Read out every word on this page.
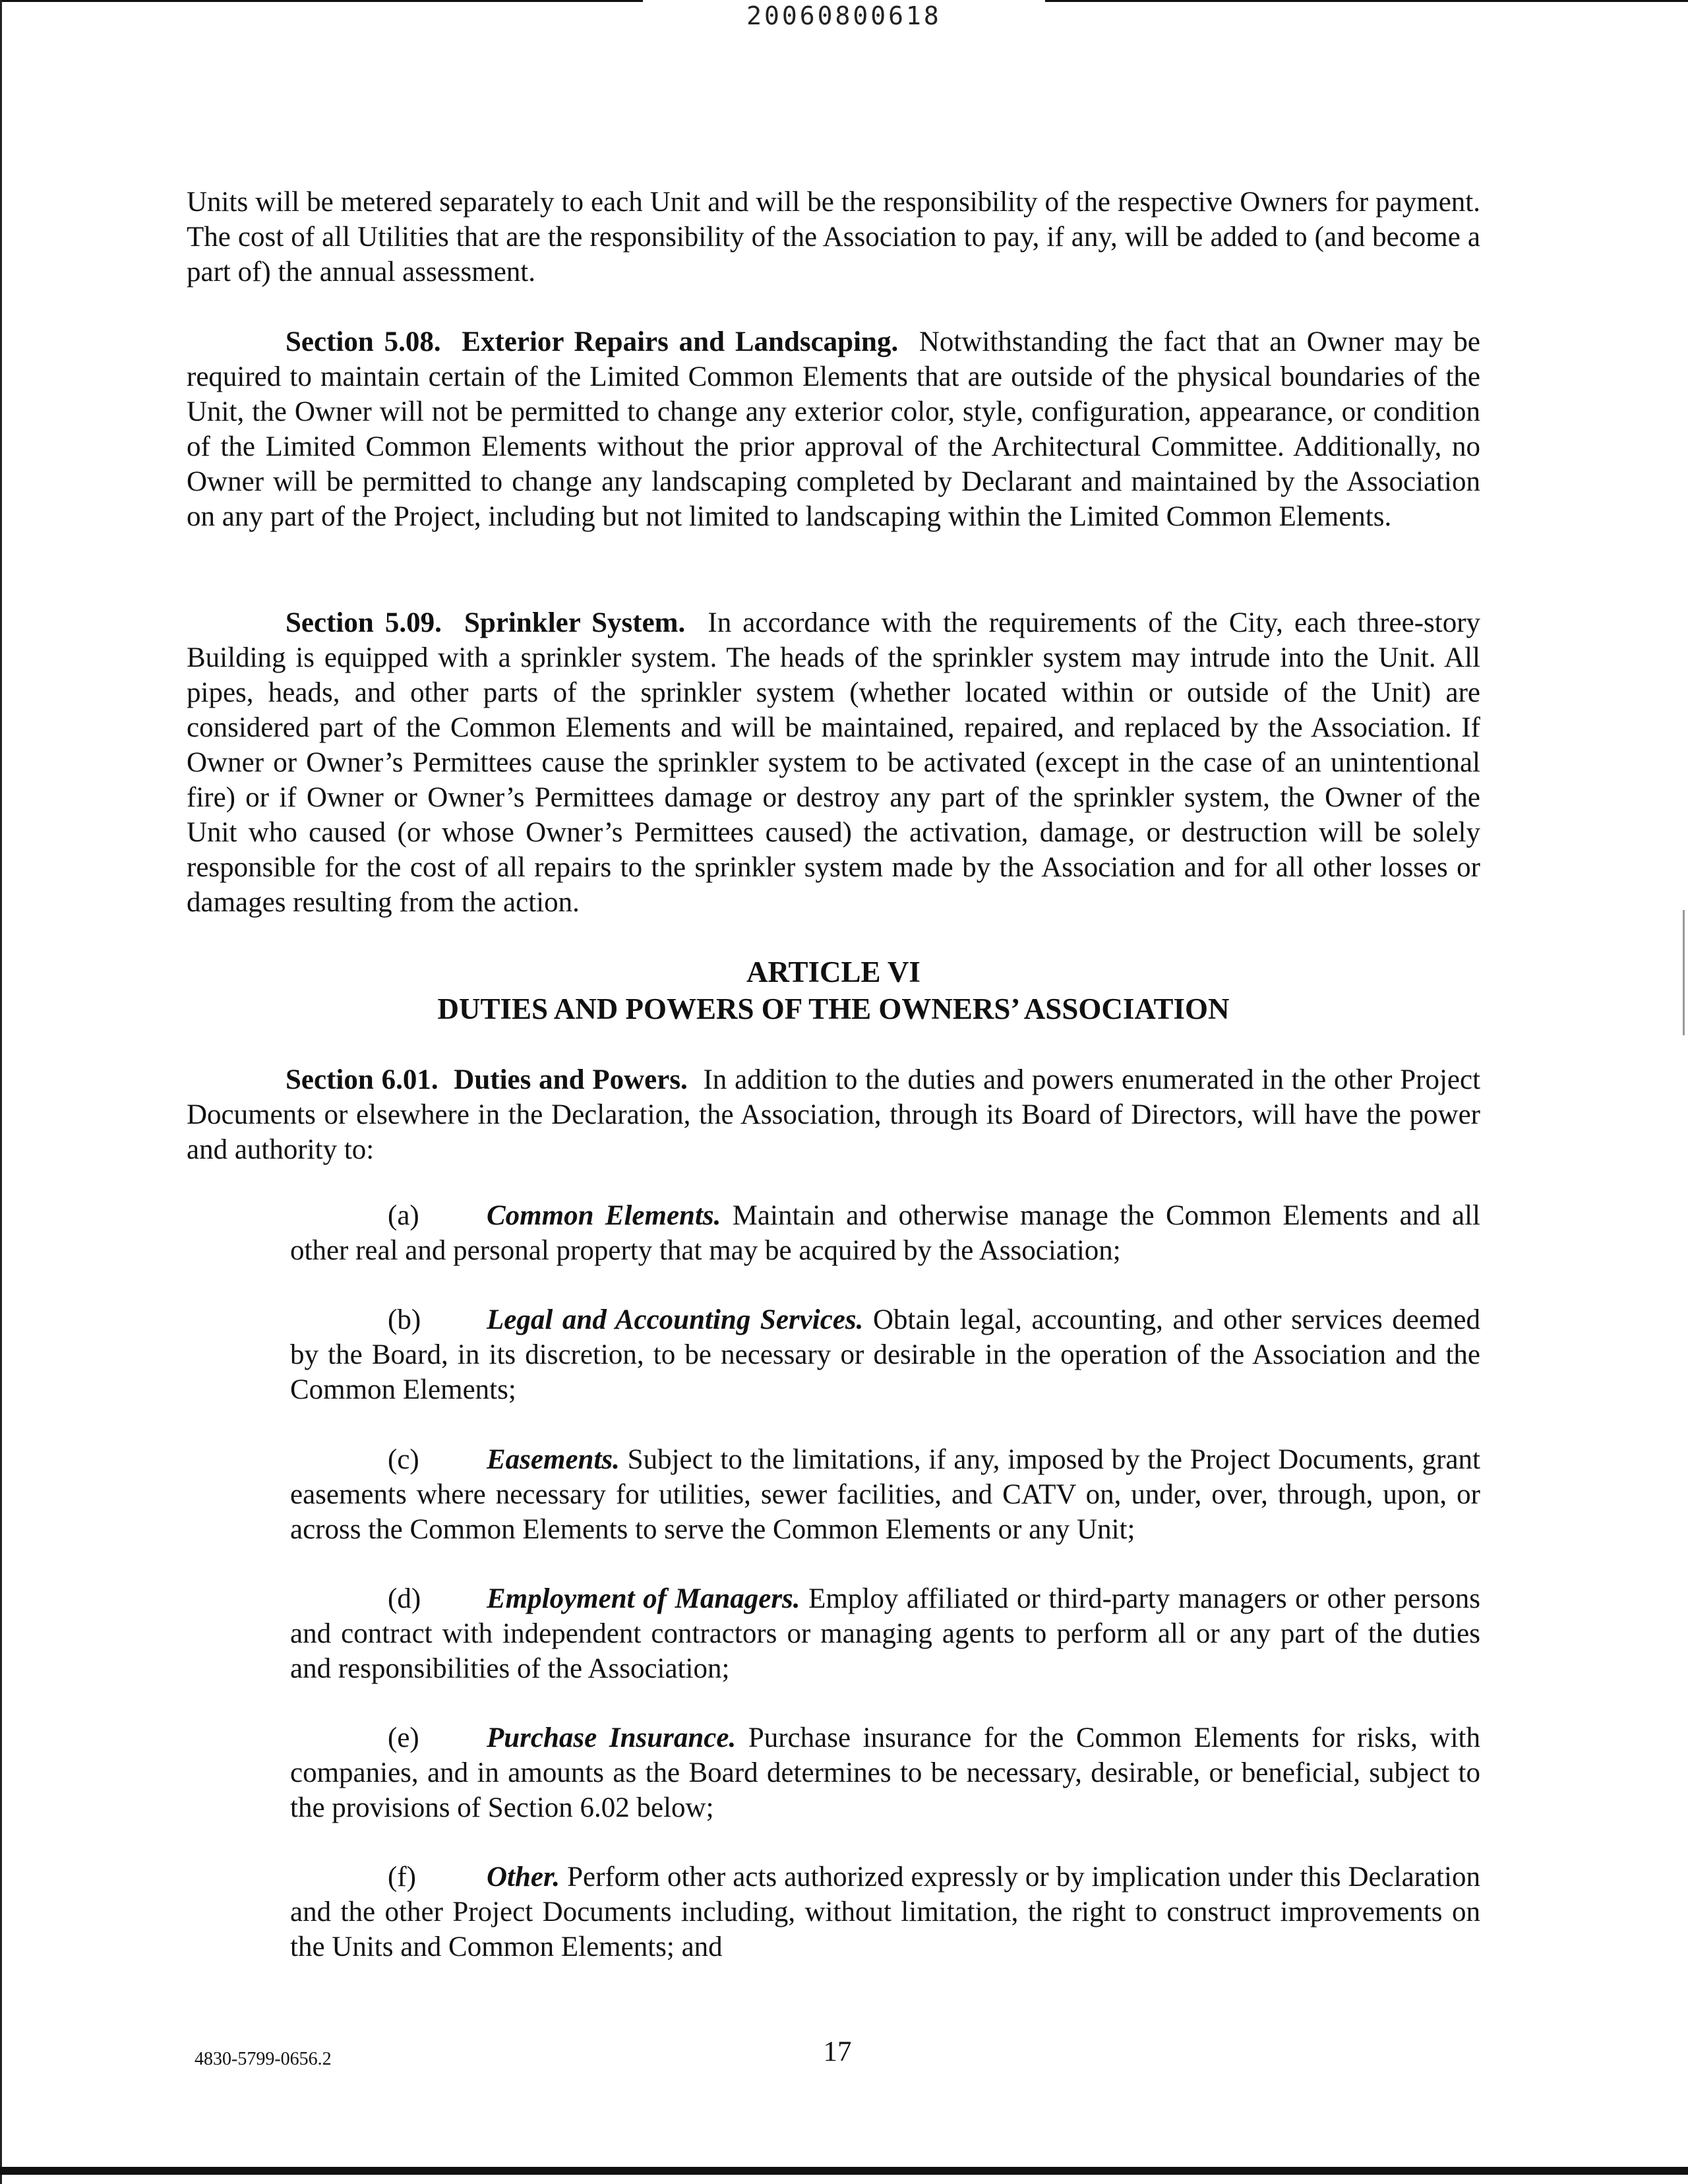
20060800618

Units will be metered separately to each Unit and will be the responsibility of the respective Owners for payment. The cost of all Utilities that are the responsibility of the Association to pay, if any, will be added to (and become a part of) the annual assessment.

Section 5.08. Exterior Repairs and Landscaping. Notwithstanding the fact that an Owner may be required to maintain certain of the Limited Common Elements that are outside of the physical boundaries of the Unit, the Owner will not be permitted to change any exterior color, style, configuration, appearance, or condition of the Limited Common Elements without the prior approval of the Architectural Committee. Additionally, no Owner will be permitted to change any landscaping completed by Declarant and maintained by the Association on any part of the Project, including but not limited to landscaping within the Limited Common Elements.

Section 5.09. Sprinkler System. In accordance with the requirements of the City, each three-story Building is equipped with a sprinkler system. The heads of the sprinkler system may intrude into the Unit. All pipes, heads, and other parts of the sprinkler system (whether located within or outside of the Unit) are considered part of the Common Elements and will be maintained, repaired, and replaced by the Association. If Owner or Owner’s Permittees cause the sprinkler system to be activated (except in the case of an unintentional fire) or if Owner or Owner’s Permittees damage or destroy any part of the sprinkler system, the Owner of the Unit who caused (or whose Owner’s Permittees caused) the activation, damage, or destruction will be solely responsible for the cost of all repairs to the sprinkler system made by the Association and for all other losses or damages resulting from the action.

ARTICLE VI
DUTIES AND POWERS OF THE OWNERS’ ASSOCIATION

Section 6.01. Duties and Powers. In addition to the duties and powers enumerated in the other Project Documents or elsewhere in the Declaration, the Association, through its Board of Directors, will have the power and authority to:

(a) Common Elements. Maintain and otherwise manage the Common Elements and all other real and personal property that may be acquired by the Association;

(b) Legal and Accounting Services. Obtain legal, accounting, and other services deemed by the Board, in its discretion, to be necessary or desirable in the operation of the Association and the Common Elements;

(c) Easements. Subject to the limitations, if any, imposed by the Project Documents, grant easements where necessary for utilities, sewer facilities, and CATV on, under, over, through, upon, or across the Common Elements to serve the Common Elements or any Unit;

(d) Employment of Managers. Employ affiliated or third-party managers or other persons and contract with independent contractors or managing agents to perform all or any part of the duties and responsibilities of the Association;

(e) Purchase Insurance. Purchase insurance for the Common Elements for risks, with companies, and in amounts as the Board determines to be necessary, desirable, or beneficial, subject to the provisions of Section 6.02 below;

(f) Other. Perform other acts authorized expressly or by implication under this Declaration and the other Project Documents including, without limitation, the right to construct improvements on the Units and Common Elements; and

4830-5799-0656.2	17
